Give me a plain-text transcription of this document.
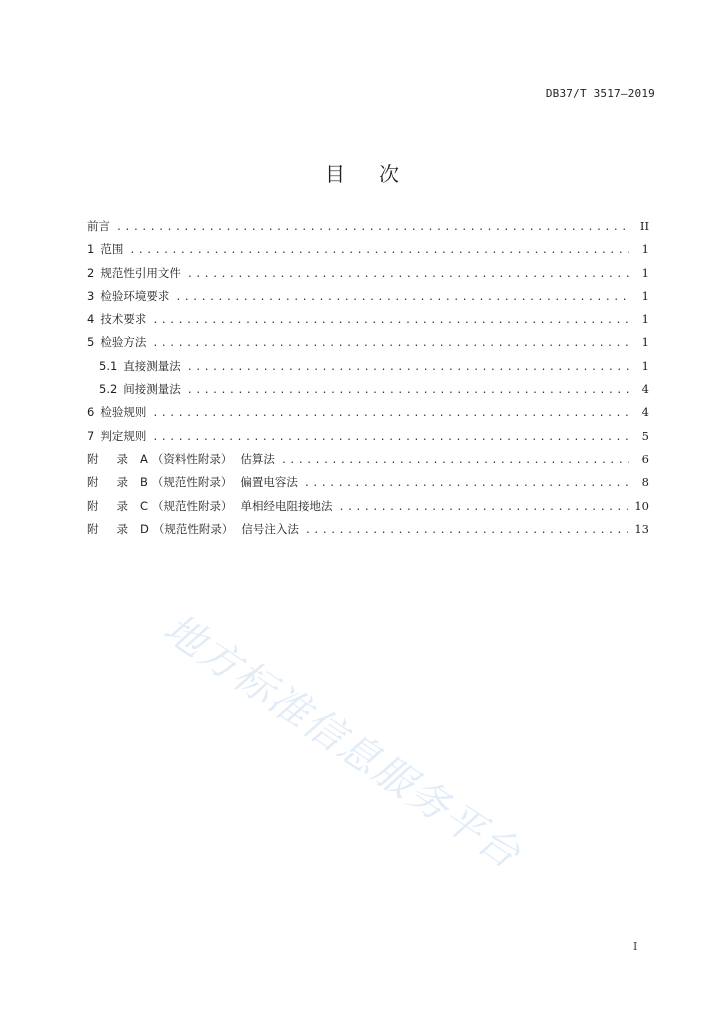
DB37/T 3517—2019
目次
前言 .....	II
1 范围 .....	1
2 规范性引用文件 .....	1
3 检验环境要求 .....	1
4 技术要求 .....	1
5 检验方法 .....	1
5.1 直接测量法 .....	1
5.2 间接测量法 .....	4
6 检验规则 .....	4
7 判定规则 .....	5
附 录 A （资料性附录） 估算法 .....	6
附 录 B （规范性附录） 偏置电容法 .....	8
附 录 C （规范性附录） 单相经电阻接地法 .....	10
附 录 D （规范性附录） 信号注入法 .....	13
地方标准信息服务平台
I
